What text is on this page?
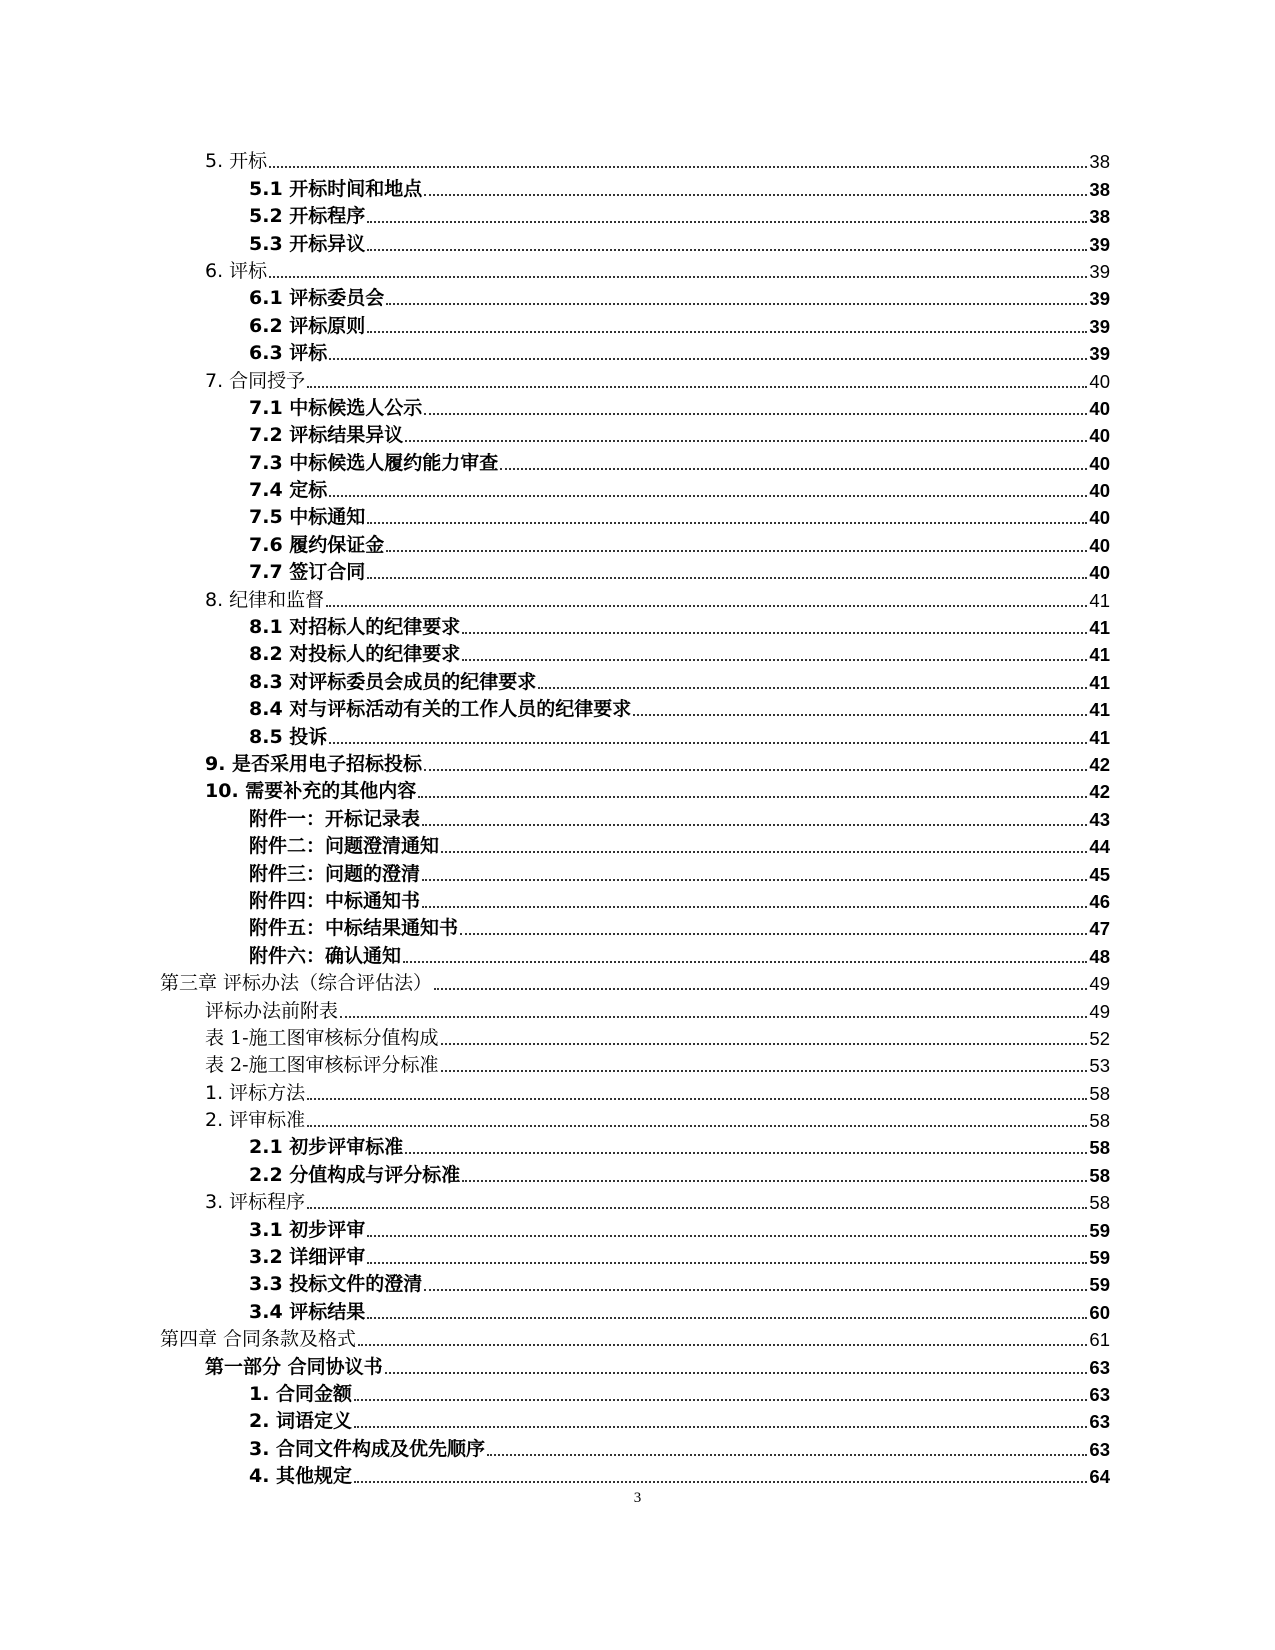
5. 开标	38
5.1 开标时间和地点	38
5.2 开标程序	38
5.3 开标异议	39
6. 评标	39
6.1 评标委员会	39
6.2 评标原则	39
6.3 评标	39
7. 合同授予	40
7.1 中标候选人公示	40
7.2 评标结果异议	40
7.3 中标候选人履约能力审查	40
7.4 定标	40
7.5 中标通知	40
7.6 履约保证金	40
7.7 签订合同	40
8. 纪律和监督	41
8.1 对招标人的纪律要求	41
8.2 对投标人的纪律要求	41
8.3 对评标委员会成员的纪律要求	41
8.4 对与评标活动有关的工作人员的纪律要求	41
8.5 投诉	41
9. 是否采用电子招标投标	42
10. 需要补充的其他内容	42
附件一：开标记录表	43
附件二：问题澄清通知	44
附件三：问题的澄清	45
附件四：中标通知书	46
附件五：中标结果通知书	47
附件六：确认通知	48
第三章 评标办法（综合评估法）	49
评标办法前附表	49
表 1-施工图审核标分值构成	52
表 2-施工图审核标评分标准	53
1. 评标方法	58
2. 评审标准	58
2.1 初步评审标准	58
2.2 分值构成与评分标准	58
3. 评标程序	58
3.1 初步评审	59
3.2 详细评审	59
3.3 投标文件的澄清	59
3.4 评标结果	60
第四章 合同条款及格式	61
第一部分 合同协议书	63
1. 合同金额	63
2. 词语定义	63
3. 合同文件构成及优先顺序	63
4. 其他规定	64
3
